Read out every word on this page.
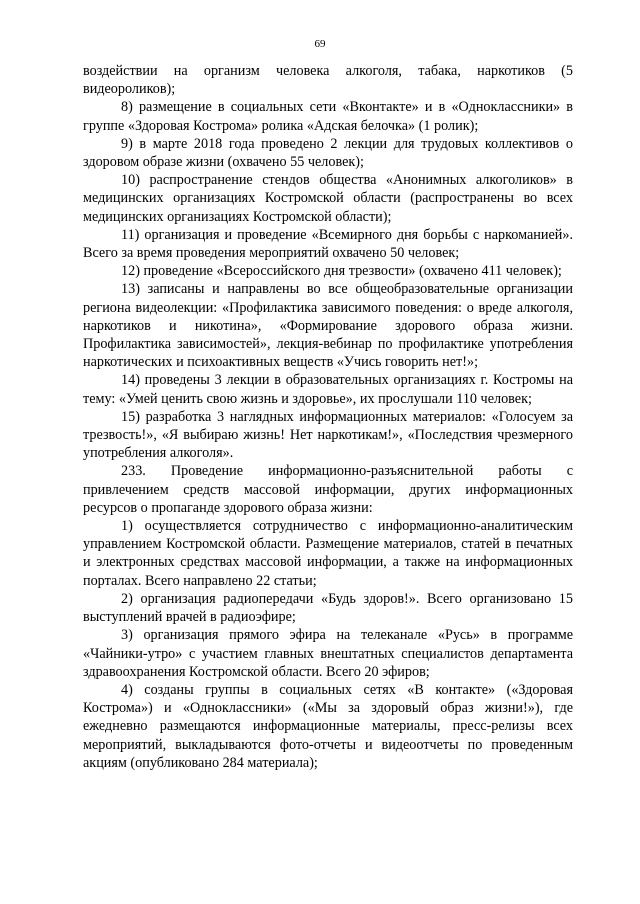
69

воздействии на организм человека алкоголя, табака, наркотиков (5 видеороликов);

8) размещение в социальных сети «Вконтакте» и в «Одноклассники» в группе «Здоровая Кострома» ролика «Адская белочка» (1 ролик);

9) в марте 2018 года проведено 2 лекции для трудовых коллективов о здоровом образе жизни (охвачено 55 человек);

10) распространение стендов общества «Анонимных алкоголиков» в медицинских организациях Костромской области (распространены во всех медицинских организациях Костромской области);

11) организация и проведение «Всемирного дня борьбы с наркоманией». Всего за время проведения мероприятий охвачено 50 человек;

12) проведение «Всероссийского дня трезвости» (охвачено 411 человек);

13) записаны и направлены во все общеобразовательные организации региона видеолекции: «Профилактика зависимого поведения: о вреде алкоголя, наркотиков и никотина», «Формирование здорового образа жизни. Профилактика зависимостей», лекция-вебинар по профилактике употребления наркотических и психоактивных веществ «Учись говорить нет!»;

14) проведены 3 лекции в образовательных организациях г. Костромы на тему: «Умей ценить свою жизнь и здоровье», их прослушали 110 человек;

15) разработка 3 наглядных информационных материалов: «Голосуем за трезвость!», «Я выбираю жизнь! Нет наркотикам!», «Последствия чрезмерного употребления алкоголя».

233. Проведение информационно-разъяснительной работы с привлечением средств массовой информации, других информационных ресурсов о пропаганде здорового образа жизни:

1) осуществляется сотрудничество с информационно-аналитическим управлением Костромской области. Размещение материалов, статей в печатных и электронных средствах массовой информации, а также на информационных порталах. Всего направлено 22 статьи;

2) организация радиопередачи «Будь здоров!». Всего организовано 15 выступлений врачей в радиоэфире;

3) организация прямого эфира на телеканале «Русь» в программе «Чайники-утро» с участием главных внештатных специалистов департамента здравоохранения Костромской области. Всего 20 эфиров;

4) созданы группы в социальных сетях «В контакте» («Здоровая Кострома») и «Одноклассники» («Мы за здоровый образ жизни!»), где ежедневно размещаются информационные материалы, пресс-релизы всех мероприятий, выкладываются фото-отчеты и видеоотчеты по проведенным акциям (опубликовано 284 материала);
